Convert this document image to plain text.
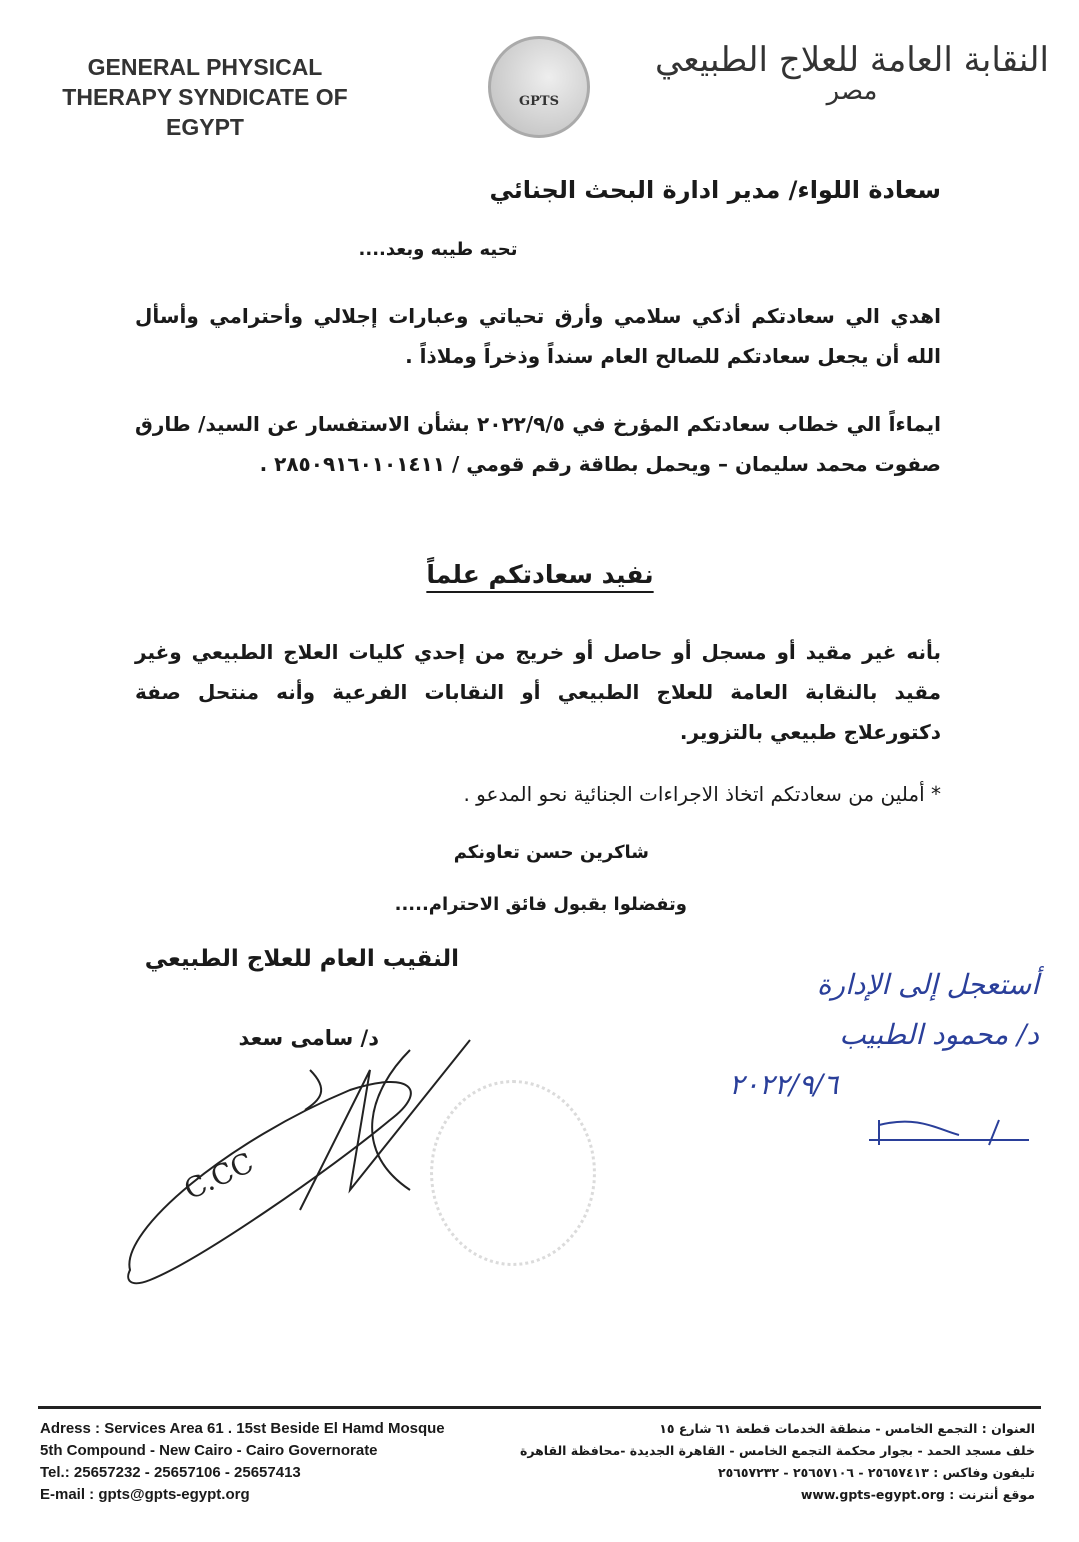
GENERAL PHYSICAL
THERAPY SYNDICATE OF
EGYPT
GPTS
النقابة العامة للعلاج الطبيعي
مصر
سعادة اللواء/ مدير ادارة البحث الجنائي
تحيه طيبه وبعد....
اهدي الي سعادتكم أذكي سلامي وأرق تحياتي وعبارات إجلالي وأحترامي وأسأل الله أن يجعل سعادتكم للصالح العام سنداً وذخراً وملاذاً .
ايماءاً الي خطاب سعادتكم المؤرخ في ٢٠٢٢/٩/٥ بشأن الاستفسار عن السيد/ طارق صفوت محمد سليمان – ويحمل بطاقة رقم قومي / ٢٨٥٠٩١٦٠١٠١٤١١ .
نفيد سعادتكم علماً
بأنه غير مقيد أو مسجل أو حاصل أو خريج من إحدي كليات العلاج الطبيعي وغير مقيد بالنقابة العامة للعلاج الطبيعي أو النقابات الفرعية وأنه منتحل صفة دكتورعلاج طبيعي بالتزوير.
* أملين من سعادتكم اتخاذ الاجراءات الجنائية نحو المدعو .
شاكرين حسن تعاونكم
وتفضلوا بقبول فائق الاحترام.....
النقيب العام للعلاج الطبيعي
د/ سامى سعد
C.CC
أستعجل إلى الإدارة
د/ محمود الطبيب
٢٠٢٢/٩/٦
Adress : Services Area 61 . 15st Beside El Hamd Mosque
5th Compound - New Cairo - Cairo Governorate
Tel.: 25657232 - 25657106 - 25657413
E-mail : gpts@gpts-egypt.org
العنوان : التجمع الخامس - منطقة الخدمات قطعة ٦١ شارع ١٥
خلف مسجد الحمد - بجوار محكمة التجمع الخامس - القاهرة الجديدة -محافظة القاهرة
تليفون وفاكس : ٢٥٦٥٧٤١٣ - ٢٥٦٥٧١٠٦ - ٢٥٦٥٧٢٣٢
موقع أنترنت : www.gpts-egypt.org
